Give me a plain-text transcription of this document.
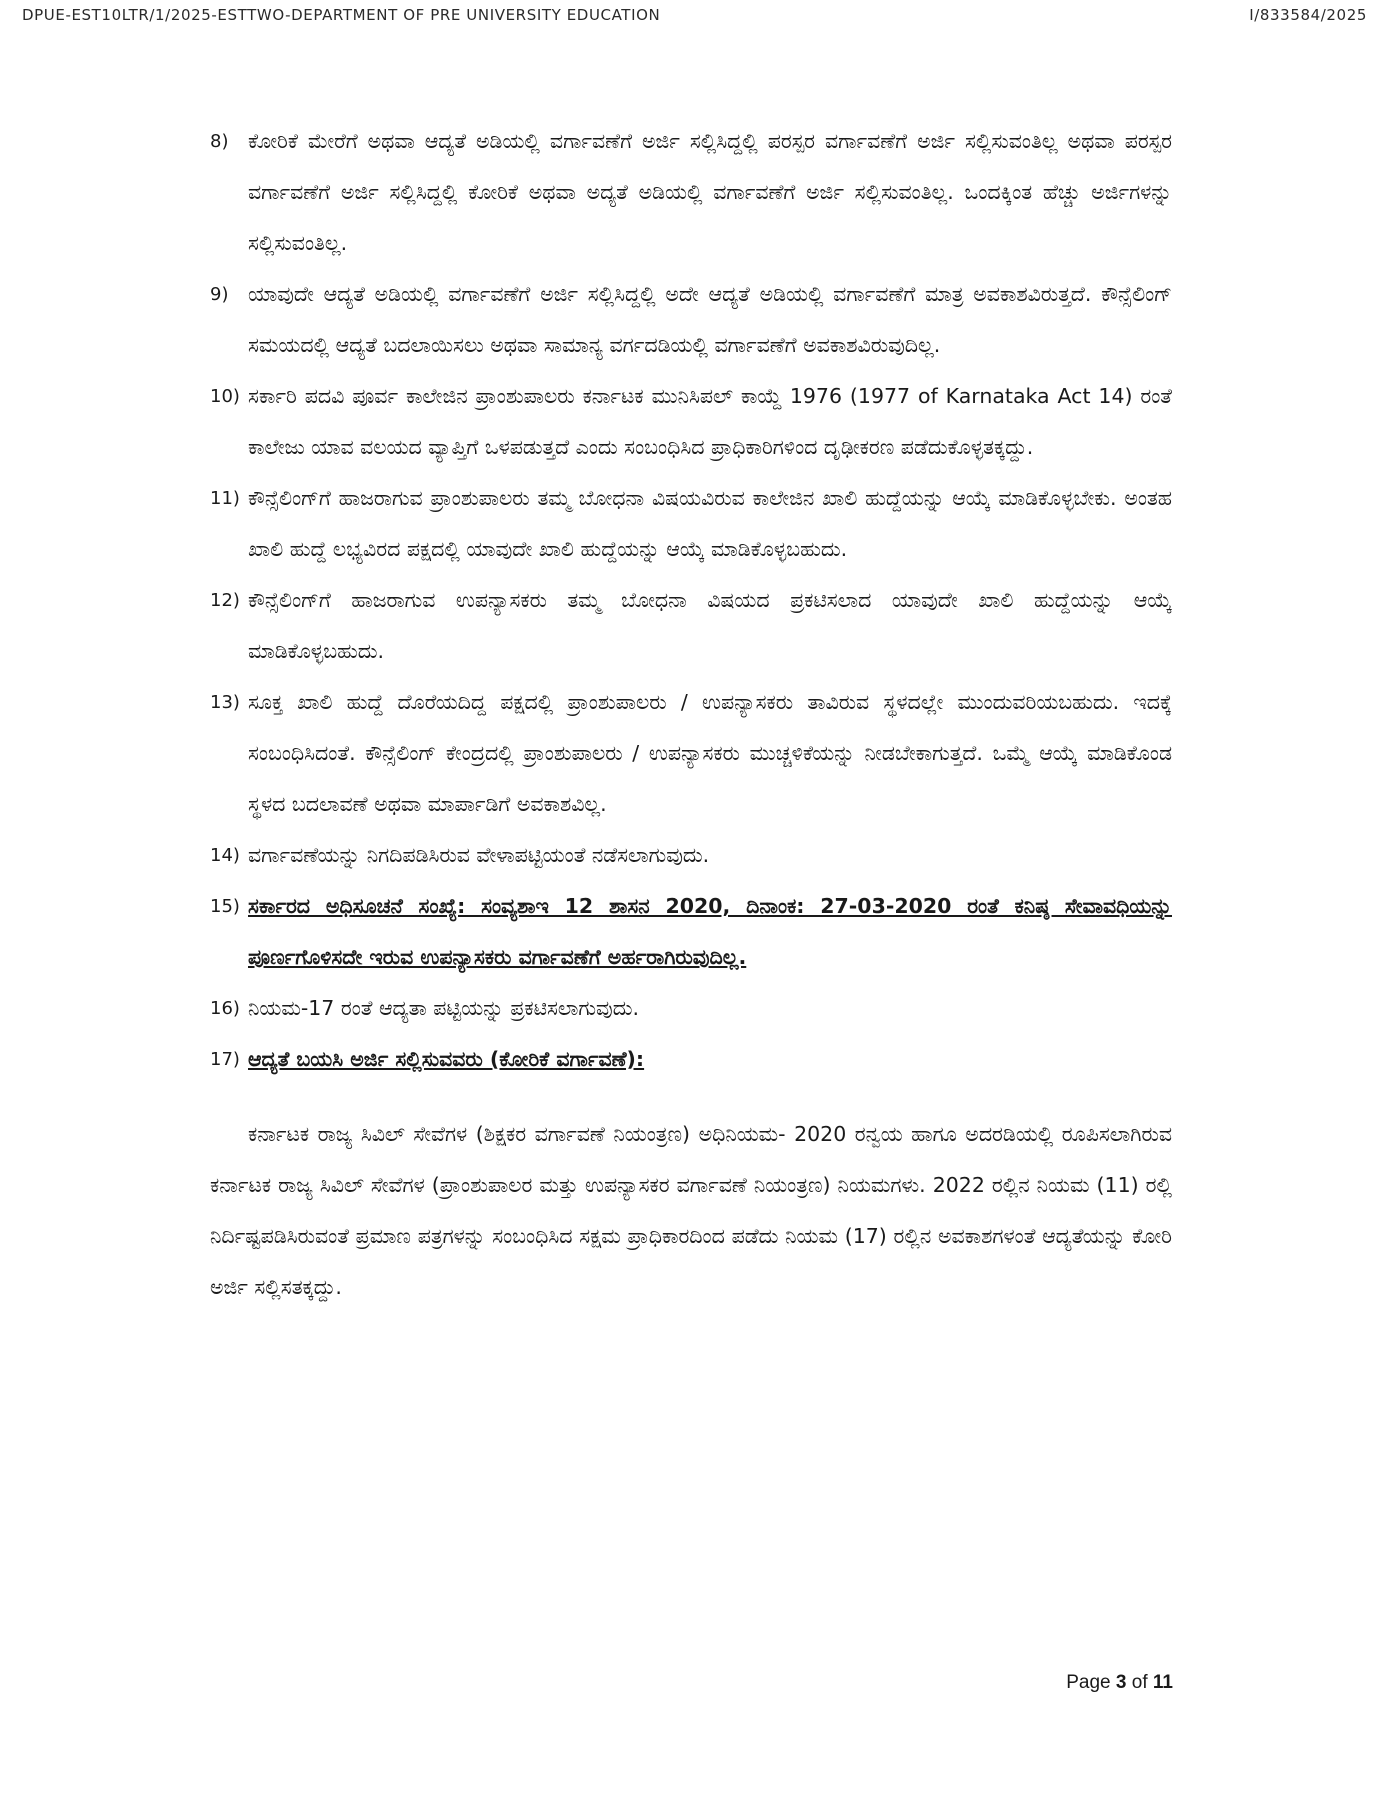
DPUE-EST10LTR/1/2025-ESTTWO-DEPARTMENT OF PRE UNIVERSITY EDUCATION	I/833584/2025
8) ಕೋರಿಕೆ ಮೇರೆಗೆ ಅಥವಾ ಆದ್ಯತೆ ಅಡಿಯಲ್ಲಿ ವರ್ಗಾವಣೆಗೆ ಅರ್ಜಿ ಸಲ್ಲಿಸಿದ್ದಲ್ಲಿ ಪರಸ್ಪರ ವರ್ಗಾವಣೆಗೆ ಅರ್ಜಿ ಸಲ್ಲಿಸುವಂತಿಲ್ಲ ಅಥವಾ ಪರಸ್ಪರ ವರ್ಗಾವಣೆಗೆ ಅರ್ಜಿ ಸಲ್ಲಿಸಿದ್ದಲ್ಲಿ ಕೋರಿಕೆ ಅಥವಾ ಅದ್ಯತೆ ಅಡಿಯಲ್ಲಿ ವರ್ಗಾವಣೆಗೆ ಅರ್ಜಿ ಸಲ್ಲಿಸುವಂತಿಲ್ಲ. ಒಂದಕ್ಕಿಂತ ಹೆಚ್ಚು ಅರ್ಜಿಗಳನ್ನು ಸಲ್ಲಿಸುವಂತಿಲ್ಲ.
9) ಯಾವುದೇ ಆದ್ಯತೆ ಅಡಿಯಲ್ಲಿ ವರ್ಗಾವಣೆಗೆ ಅರ್ಜಿ ಸಲ್ಲಿಸಿದ್ದಲ್ಲಿ ಅದೇ ಆದ್ಯತೆ ಅಡಿಯಲ್ಲಿ ವರ್ಗಾವಣೆಗೆ ಮಾತ್ರ ಅವಕಾಶವಿರುತ್ತದೆ. ಕೌನ್ಸೆಲಿಂಗ್ ಸಮಯದಲ್ಲಿ ಆದ್ಯತೆ ಬದಲಾಯಿಸಲು ಅಥವಾ ಸಾಮಾನ್ಯ ವರ್ಗದಡಿಯಲ್ಲಿ ವರ್ಗಾವಣೆಗೆ ಅವಕಾಶವಿರುವುದಿಲ್ಲ.
10) ಸರ್ಕಾರಿ ಪದವಿ ಪೂರ್ವ ಕಾಲೇಜಿನ ಪ್ರಾಂಶುಪಾಲರು ಕರ್ನಾಟಕ ಮುನಿಸಿಪಲ್ ಕಾಯ್ದೆ 1976 (1977 of Karnataka Act 14) ರಂತೆ ಕಾಲೇಜು ಯಾವ ವಲಯದ ವ್ಯಾಪ್ತಿಗೆ ಒಳಪಡುತ್ತದೆ ಎಂದು ಸಂಬಂಧಿಸಿದ ಪ್ರಾಧಿಕಾರಿಗಳಿಂದ ದೃಢೀಕರಣ ಪಡೆದುಕೊಳ್ಳತಕ್ಕದ್ದು.
11) ಕೌನ್ಸೆಲಿಂಗ್‌ಗೆ ಹಾಜರಾಗುವ ಪ್ರಾಂಶುಪಾಲರು ತಮ್ಮ ಬೋಧನಾ ವಿಷಯವಿರುವ ಕಾಲೇಜಿನ ಖಾಲಿ ಹುದ್ದೆಯನ್ನು ಆಯ್ಕೆ ಮಾಡಿಕೊಳ್ಳಬೇಕು. ಅಂತಹ ಖಾಲಿ ಹುದ್ದೆ ಲಭ್ಯವಿರದ ಪಕ್ಷದಲ್ಲಿ ಯಾವುದೇ ಖಾಲಿ ಹುದ್ದೆಯನ್ನು ಆಯ್ಕೆ ಮಾಡಿಕೊಳ್ಳಬಹುದು.
12) ಕೌನ್ಸೆಲಿಂಗ್‌ಗೆ ಹಾಜರಾಗುವ ಉಪನ್ಯಾಸಕರು ತಮ್ಮ ಬೋಧನಾ ವಿಷಯದ ಪ್ರಕಟಿಸಲಾದ ಯಾವುದೇ ಖಾಲಿ ಹುದ್ದೆಯನ್ನು ಆಯ್ಕೆ ಮಾಡಿಕೊಳ್ಳಬಹುದು.
13) ಸೂಕ್ತ ಖಾಲಿ ಹುದ್ದೆ ದೊರೆಯದಿದ್ದ ಪಕ್ಷದಲ್ಲಿ ಪ್ರಾಂಶುಪಾಲರು / ಉಪನ್ಯಾಸಕರು ತಾವಿರುವ ಸ್ಥಳದಲ್ಲೇ ಮುಂದುವರಿಯಬಹುದು. ಇದಕ್ಕೆ ಸಂಬಂಧಿಸಿದಂತೆ. ಕೌನ್ಸೆಲಿಂಗ್ ಕೇಂದ್ರದಲ್ಲಿ ಪ್ರಾಂಶುಪಾಲರು / ಉಪನ್ಯಾಸಕರು ಮುಚ್ಚಳಿಕೆಯನ್ನು ನೀಡಬೇಕಾಗುತ್ತದೆ. ಒಮ್ಮೆ ಆಯ್ಕೆ ಮಾಡಿಕೊಂಡ ಸ್ಥಳದ ಬದಲಾವಣೆ ಅಥವಾ ಮಾರ್ಪಾಡಿಗೆ ಅವಕಾಶವಿಲ್ಲ.
14) ವರ್ಗಾವಣೆಯನ್ನು ನಿಗದಿಪಡಿಸಿರುವ ವೇಳಾಪಟ್ಟಿಯಂತೆ ನಡೆಸಲಾಗುವುದು.
15) ಸರ್ಕಾರದ ಅಧಿಸೂಚನೆ ಸಂಖ್ಯೆ: ಸಂವ್ಯಶಾಇ 12 ಶಾಸನ 2020, ದಿನಾಂಕ: 27-03-2020 ರಂತೆ ಕನಿಷ್ಠ ಸೇವಾವಧಿಯನ್ನು ಪೂರ್ಣಗೊಳಿಸದೇ ಇರುವ ಉಪನ್ಯಾಸಕರು ವರ್ಗಾವಣೆಗೆ ಅರ್ಹರಾಗಿರುವುದಿಲ್ಲ.
16) ನಿಯಮ-17 ರಂತೆ ಆದ್ಯತಾ ಪಟ್ಟಿಯನ್ನು ಪ್ರಕಟಿಸಲಾಗುವುದು.
17) ಆದ್ಯತೆ ಬಯಸಿ ಅರ್ಜಿ ಸಲ್ಲಿಸುವವರು (ಕೋರಿಕೆ ವರ್ಗಾವಣೆ):
ಕರ್ನಾಟಕ ರಾಜ್ಯ ಸಿವಿಲ್ ಸೇವೆಗಳ (ಶಿಕ್ಷಕರ ವರ್ಗಾವಣೆ ನಿಯಂತ್ರಣ) ಅಧಿನಿಯಮ- 2020 ರನ್ವಯ ಹಾಗೂ ಅದರಡಿಯಲ್ಲಿ ರೂಪಿಸಲಾಗಿರುವ ಕರ್ನಾಟಕ ರಾಜ್ಯ ಸಿವಿಲ್ ಸೇವೆಗಳ (ಪ್ರಾಂಶುಪಾಲರ ಮತ್ತು ಉಪನ್ಯಾಸಕರ ವರ್ಗಾವಣೆ ನಿಯಂತ್ರಣ) ನಿಯಮಗಳು. 2022 ರಲ್ಲಿನ ನಿಯಮ (11) ರಲ್ಲಿ ನಿರ್ದಿಷ್ಟಪಡಿಸಿರುವಂತೆ ಪ್ರಮಾಣ ಪತ್ರಗಳನ್ನು ಸಂಬಂಧಿಸಿದ ಸಕ್ಷಮ ಪ್ರಾಧಿಕಾರದಿಂದ ಪಡೆದು ನಿಯಮ (17) ರಲ್ಲಿನ ಅವಕಾಶಗಳಂತೆ ಆದ್ಯತೆಯನ್ನು ಕೋರಿ ಅರ್ಜಿ ಸಲ್ಲಿಸತಕ್ಕದ್ದು.
Page 3 of 11
